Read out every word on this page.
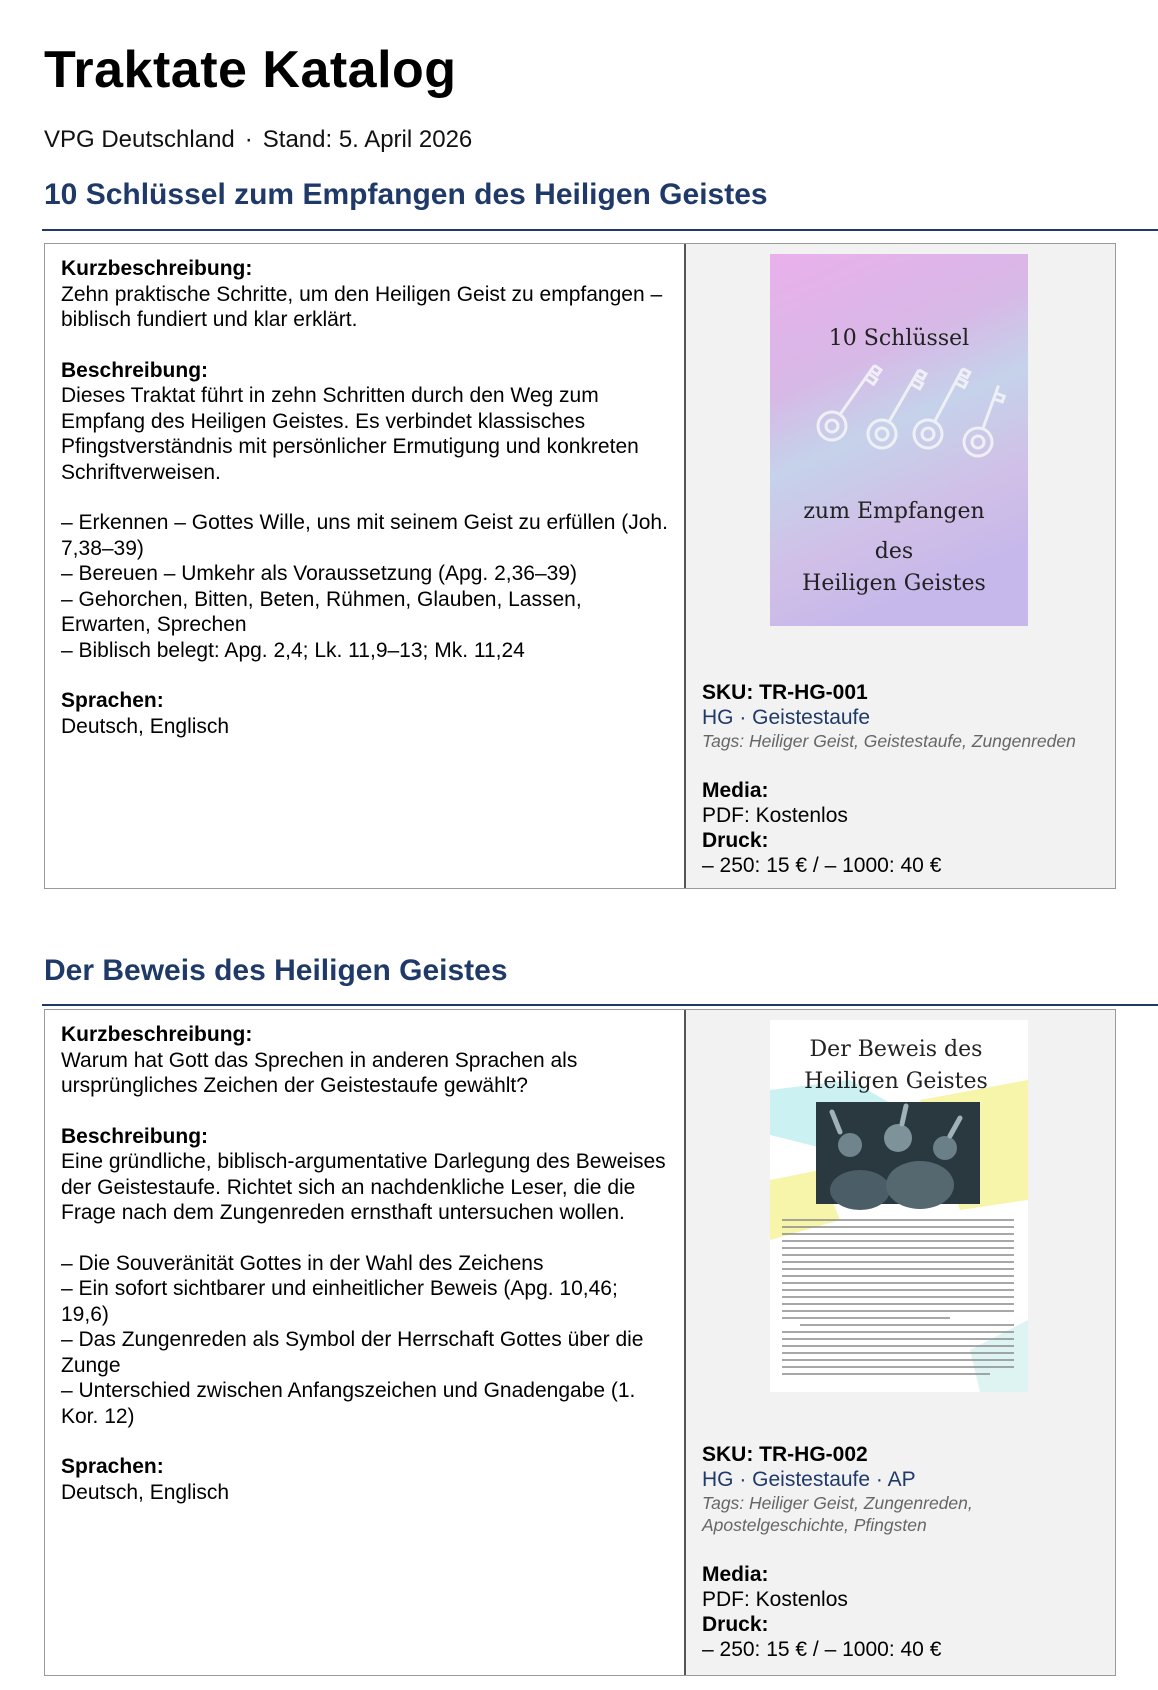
Traktate Katalog
VPG Deutschland · Stand: 5. April 2026
10 Schlüssel zum Empfangen des Heiligen Geistes
Kurzbeschreibung:
Zehn praktische Schritte, um den Heiligen Geist zu empfangen – biblisch fundiert und klar erklärt.
Beschreibung:
Dieses Traktat führt in zehn Schritten durch den Weg zum Empfang des Heiligen Geistes. Es verbindet klassisches Pfingstverständnis mit persönlicher Ermutigung und konkreten Schriftverweisen.
– Erkennen – Gottes Wille, uns mit seinem Geist zu erfüllen (Joh. 7,38–39)
– Bereuen – Umkehr als Voraussetzung (Apg. 2,36–39)
– Gehorchen, Bitten, Beten, Rühmen, Glauben, Lassen, Erwarten, Sprechen
– Biblisch belegt: Apg. 2,4; Lk. 11,9–13; Mk. 11,24
Sprachen:
Deutsch, Englisch
10 Schlüssel
zum Empfangen
des
Heiligen Geistes
SKU: TR-HG-001
HG · Geistestaufe
Tags: Heiliger Geist, Geistestaufe, Zungenreden
Media:
PDF: Kostenlos
Druck:
– 250: 15 € / – 1000: 40 €
Der Beweis des Heiligen Geistes
Kurzbeschreibung:
Warum hat Gott das Sprechen in anderen Sprachen als ursprüngliches Zeichen der Geistestaufe gewählt?
Beschreibung:
Eine gründliche, biblisch-argumentative Darlegung des Beweises der Geistestaufe. Richtet sich an nachdenkliche Leser, die die Frage nach dem Zungenreden ernsthaft untersuchen wollen.
– Die Souveränität Gottes in der Wahl des Zeichens
– Ein sofort sichtbarer und einheitlicher Beweis (Apg. 10,46; 19,6)
– Das Zungenreden als Symbol der Herrschaft Gottes über die Zunge
– Unterschied zwischen Anfangszeichen und Gnadengabe (1. Kor. 12)
Sprachen:
Deutsch, Englisch
Der Beweis des
Heiligen Geistes
SKU: TR-HG-002
HG · Geistestaufe · AP
Tags: Heiliger Geist, Zungenreden, Apostelgeschichte, Pfingsten
Media:
PDF: Kostenlos
Druck:
– 250: 15 € / – 1000: 40 €
